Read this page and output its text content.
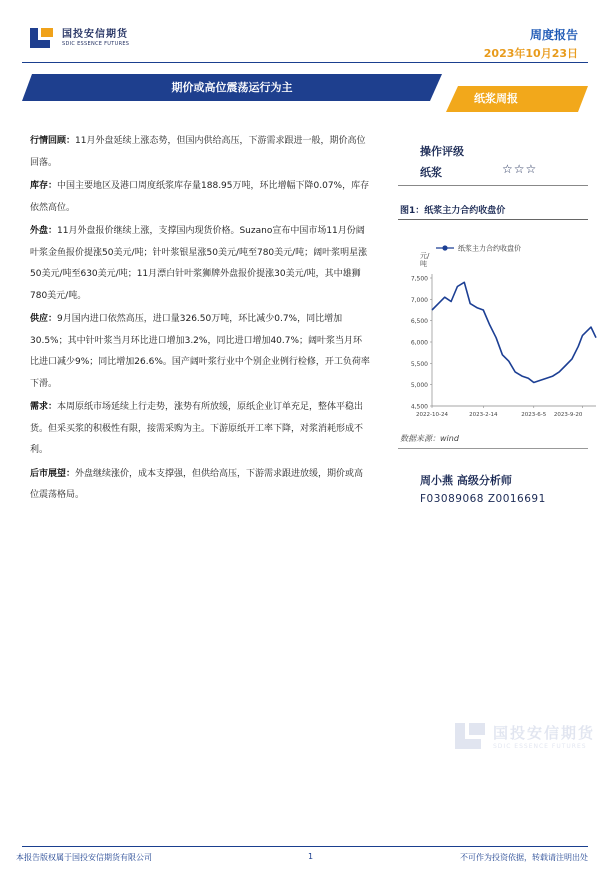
国投安信期货
SDIC ESSENCE FUTURES
周度报告
2023年10月23日
纸浆周报
期价或高位震荡运行为主

行情回顾：11月外盘延续上涨态势，但国内供给高压，下游需求跟进一般，期价高位回落。

库存：中国主要地区及港口周度纸浆库存量188.95万吨，环比增幅下降0.07%，库存依然高位。

外盘：11月外盘报价继续上涨，支撑国内现货价格。Suzano宣布中国市场11月份阔叶浆金鱼报价提涨50美元/吨；针叶浆银星涨50美元/吨至780美元/吨；阔叶浆明星涨50美元/吨至630美元/吨；11月漂白针叶浆狮牌外盘报价提涨30美元/吨，其中雄狮780美元/吨。

供应：9月国内进口依然高压，进口量326.50万吨，环比减少0.7%，同比增加30.5%；其中针叶浆当月环比进口增加3.2%，同比进口增加40.7%；阔叶浆当月环比进口减少9%；同比增加26.6%。国产阔叶浆行业中个别企业例行检修，开工负荷率下滑。

需求：本周原纸市场延续上行走势，涨势有所放缓，原纸企业订单充足，整体平稳出货。但采买浆的积极性有限，接需采购为主。下游原纸开工率下降，对浆消耗形成不利。

后市展望：外盘继续涨价，成本支撑强，但供给高压，下游需求跟进放缓，期价或高位震荡格局。

操作评级
纸浆	☆☆☆
图1：纸浆主力合约收盘价
元/
吨
7,500
7,000
6,500
6,000
5,500
5,000
4,500
2022-10-24	2023-2-14	2023-6-5 2023-9-20
纸浆主力合约收盘价
数据来源：wind
周小燕 高级分析师
F03089068 Z0016691
国投安信期货
SDIC ESSENCE FUTURES
本报告版权属于国投安信期货有限公司	1	不可作为投资依据，转载请注明出处
